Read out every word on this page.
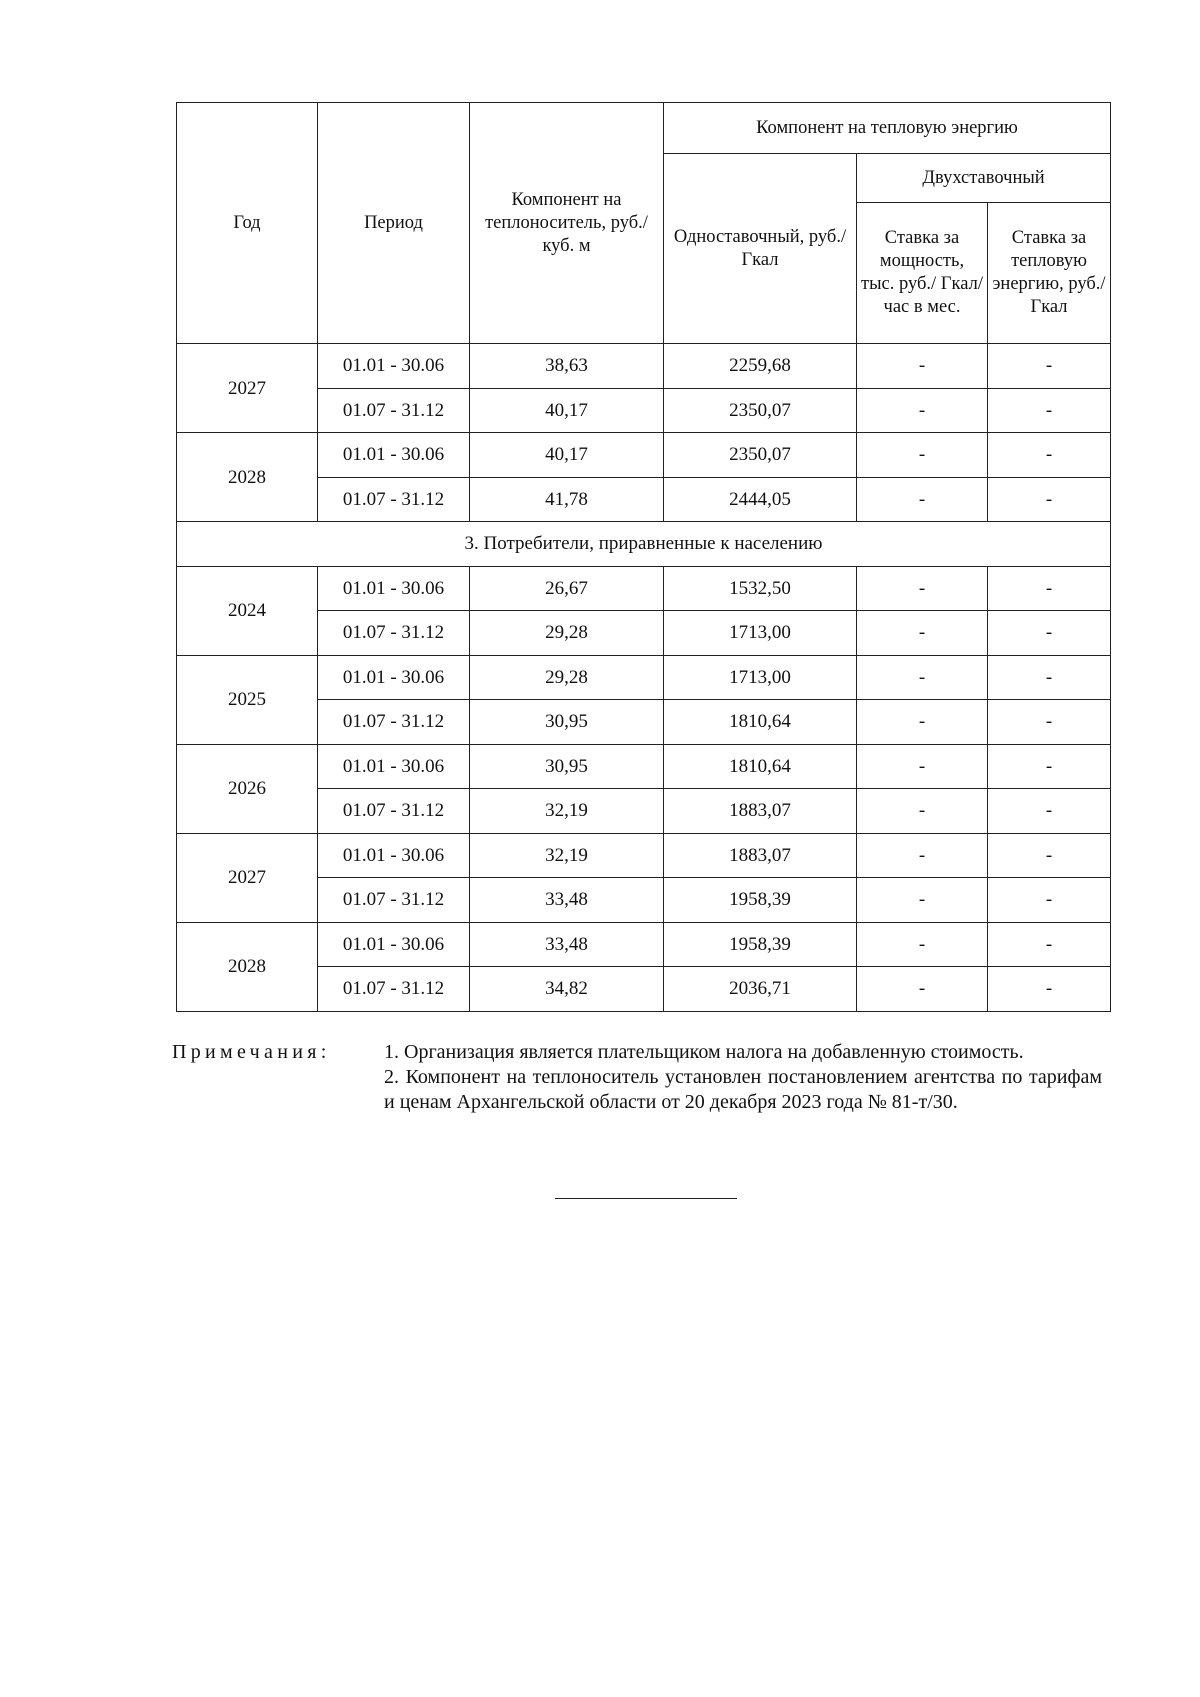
Год	Период	Компонент на теплоноситель, руб./куб. м	Компонент на тепловую энергию		
			Одноставочный, руб./Гкал	Двухставочный	
				Ставка за мощность, тыс. руб./ Гкал/час в мес.	Ставка за тепловую энергию, руб./Гкал
2027	01.01 - 30.06	38,63	2259,68	-	-
	01.07 - 31.12	40,17	2350,07	-	-
2028	01.01 - 30.06	40,17	2350,07	-	-
	01.07 - 31.12	41,78	2444,05	-	-
3. Потребители, приравненные к населению					
2024	01.01 - 30.06	26,67	1532,50	-	-
	01.07 - 31.12	29,28	1713,00	-	-
2025	01.01 - 30.06	29,28	1713,00	-	-
	01.07 - 31.12	30,95	1810,64	-	-
2026	01.01 - 30.06	30,95	1810,64	-	-
	01.07 - 31.12	32,19	1883,07	-	-
2027	01.01 - 30.06	32,19	1883,07	-	-
	01.07 - 31.12	33,48	1958,39	-	-
2028	01.01 - 30.06	33,48	1958,39	-	-
	01.07 - 31.12	34,82	2036,71	-	-
Примечания:	1. Организация является плательщиком налога на добавленную стоимость.

2. Компонент на теплоноситель установлен постановлением агентства по тарифам и ценам Архангельской области от 20 декабря 2023 года № 81-т/30.
